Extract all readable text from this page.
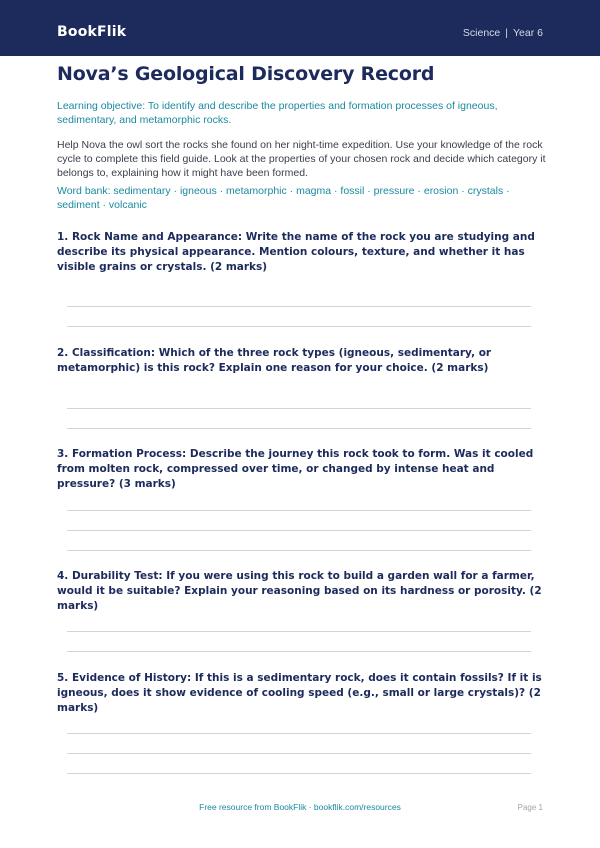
BookFlik	Science | Year 6
Nova’s Geological Discovery Record

Learning objective: To identify and describe the properties and formation processes of igneous, sedimentary, and metamorphic rocks.

Help Nova the owl sort the rocks she found on her night-time expedition. Use your knowledge of the rock cycle to complete this field guide. Look at the properties of your chosen rock and decide which category it belongs to, explaining how it might have been formed.

Word bank: sedimentary · igneous · metamorphic · magma · fossil · pressure · erosion · crystals · sediment · volcanic

1. Rock Name and Appearance: Write the name of the rock you are studying and describe its physical appearance. Mention colours, texture, and whether it has visible grains or crystals. (2 marks)

2. Classification: Which of the three rock types (igneous, sedimentary, or metamorphic) is this rock? Explain one reason for your choice. (2 marks)

3. Formation Process: Describe the journey this rock took to form. Was it cooled from molten rock, compressed over time, or changed by intense heat and pressure? (3 marks)

4. Durability Test: If you were using this rock to build a garden wall for a farmer, would it be suitable? Explain your reasoning based on its hardness or porosity. (2 marks)

5. Evidence of History: If this is a sedimentary rock, does it contain fossils? If it is igneous, does it show evidence of cooling speed (e.g., small or large crystals)? (2 marks)

Free resource from BookFlik · bookflik.com/resources	Page 1
